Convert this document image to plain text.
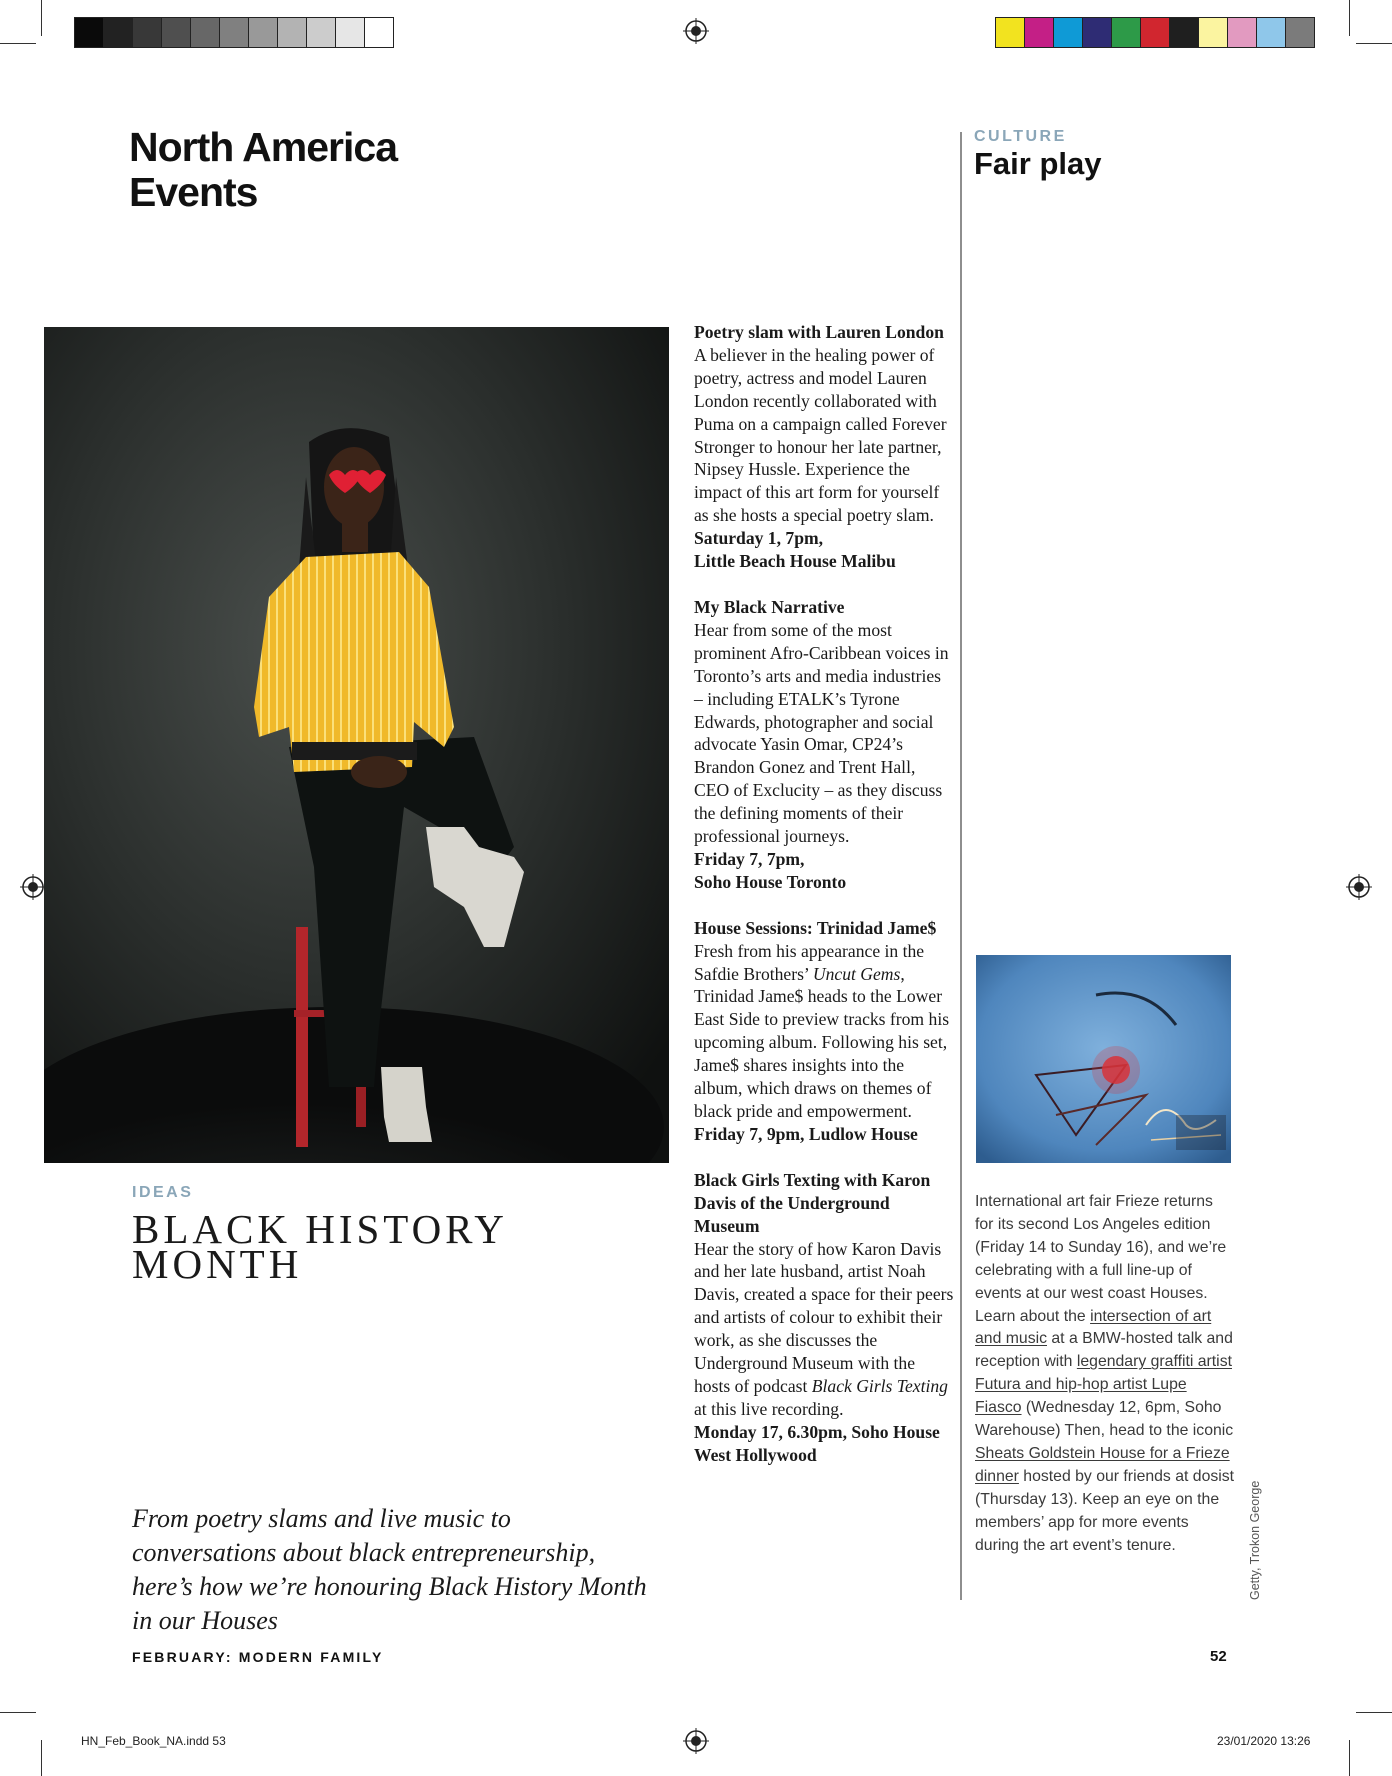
North America
Events
CULTURE
Fair play
IDEAS
BLACK HISTORY
MONTH
From poetry slams and live music to conversations about black entrepreneurship, here’s how we’re honouring Black History Month in our Houses
Poetry slam with Lauren London
A believer in the healing power of poetry, actress and model Lauren London recently collaborated with Puma on a campaign called Forever Stronger to honour her late partner, Nipsey Hussle. Experience the impact of this art form for yourself as she hosts a special poetry slam.
Saturday 1, 7pm,
Little Beach House Malibu
My Black Narrative
Hear from some of the most prominent Afro-Caribbean voices in Toronto’s arts and media industries – including ETALK’s Tyrone Edwards, photographer and social advocate Yasin Omar, CP24’s Brandon Gonez and Trent Hall, CEO of Exclucity – as they discuss the defining moments of their professional journeys.
Friday 7, 7pm,
Soho House Toronto
House Sessions: Trinidad Jame$
Fresh from his appearance in the Safdie Brothers’ Uncut Gems, Trinidad Jame$ heads to the Lower East Side to preview tracks from his upcoming album. Following his set, Jame$ shares insights into the album, which draws on themes of black pride and empowerment.
Friday 7, 9pm, Ludlow House
Black Girls Texting with Karon Davis of the Underground Museum
Hear the story of how Karon Davis and her late husband, artist Noah Davis, created a space for their peers and artists of colour to exhibit their work, as she discusses the Underground Museum with the hosts of podcast Black Girls Texting at this live recording.
Monday 17, 6.30pm, Soho House West Hollywood
International art fair Frieze returns for its second Los Angeles edition (Friday 14 to Sunday 16), and we’re celebrating with a full line-up of events at our west coast Houses. Learn about the intersection of art and music at a BMW-hosted talk and reception with legendary graffiti artist Futura and hip-hop artist Lupe Fiasco (Wednesday 12, 6pm, Soho Warehouse) Then, head to the iconic Sheats Goldstein House for a Frieze dinner hosted by our friends at dosist (Thursday 13). Keep an eye on the members’ app for more events during the art event’s tenure.	Getty, Trokon George
FEBRUARY: MODERN FAMILY	52
HN_Feb_Book_NA.indd 53	23/01/2020 13:26
